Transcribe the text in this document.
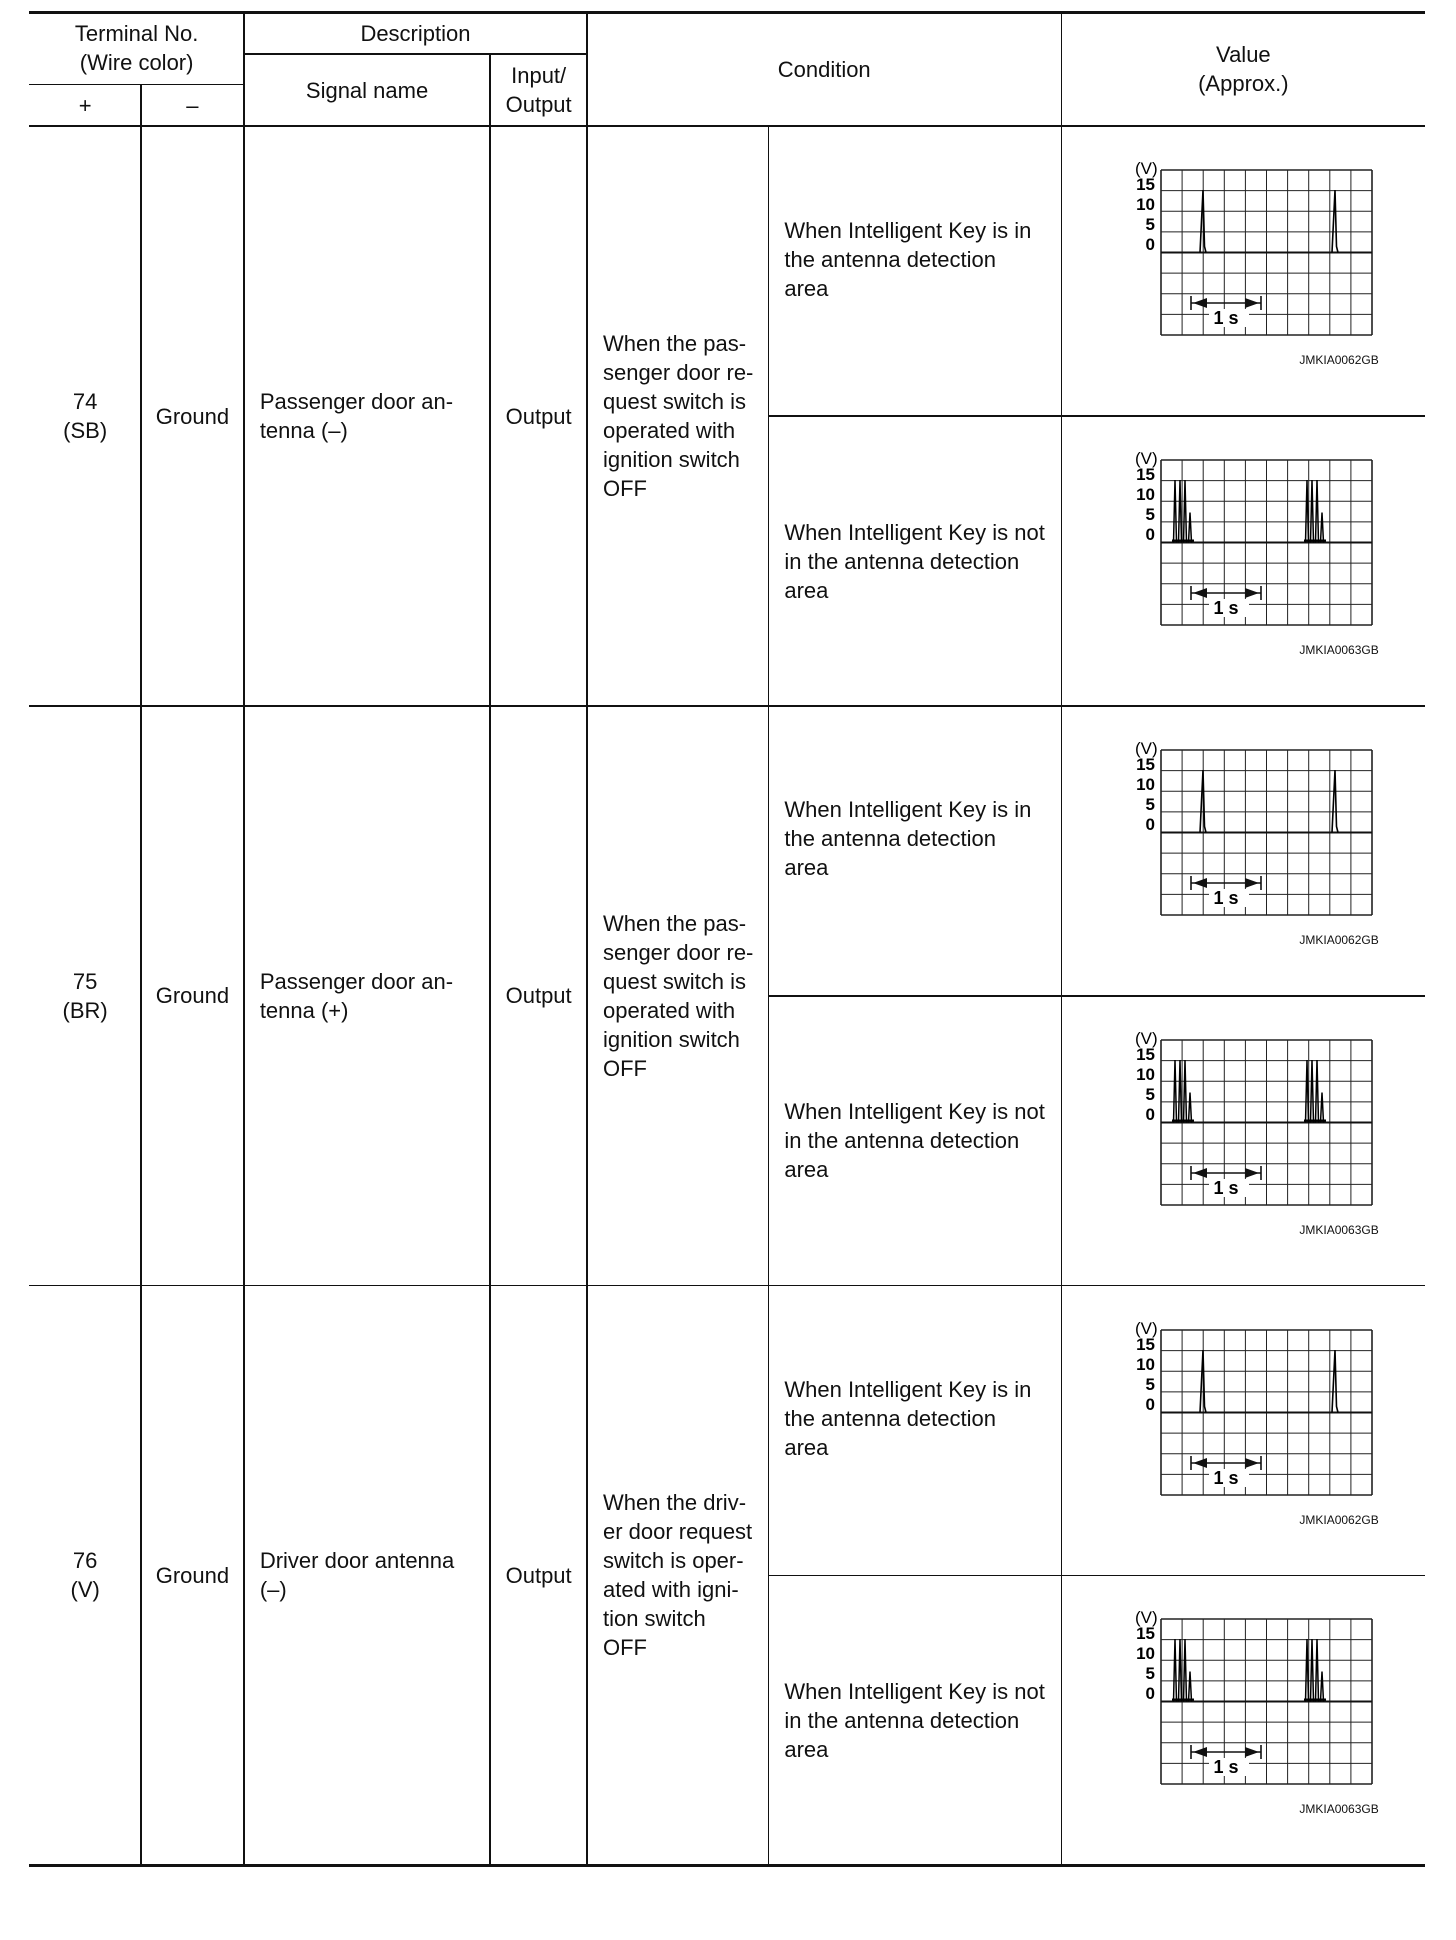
Terminal No.
(Wire color)
+	–
Description
Signal name
Input/
Output
Condition
Value
(Approx.)
74
(SB)
Ground
Passenger door an-
tenna (–)
Output
When the pas-
senger door re-
quest switch is
operated with
ignition switch
OFF
When Intelligent Key is in
the antenna detection
area
(V)
15
10
5
0
1 s
JMKIA0062GB
When Intelligent Key is not
in the antenna detection
area
(V)
15
10
5
0
1 s
JMKIA0063GB
75
(BR)
Ground
Passenger door an-
tenna (+)
Output
When the pas-
senger door re-
quest switch is
operated with
ignition switch
OFF
When Intelligent Key is in
the antenna detection
area
(V)
15
10
5
0
1 s
JMKIA0062GB
When Intelligent Key is not
in the antenna detection
area
(V)
15
10
5
0
1 s
JMKIA0063GB
76
(V)
Ground
Driver door antenna
(–)
Output
When the driv-
er door request
switch is oper-
ated with igni-
tion switch
OFF
When Intelligent Key is in
the antenna detection
area
(V)
15
10
5
0
1 s
JMKIA0062GB
When Intelligent Key is not
in the antenna detection
area
(V)
15
10
5
0
1 s
JMKIA0063GB
